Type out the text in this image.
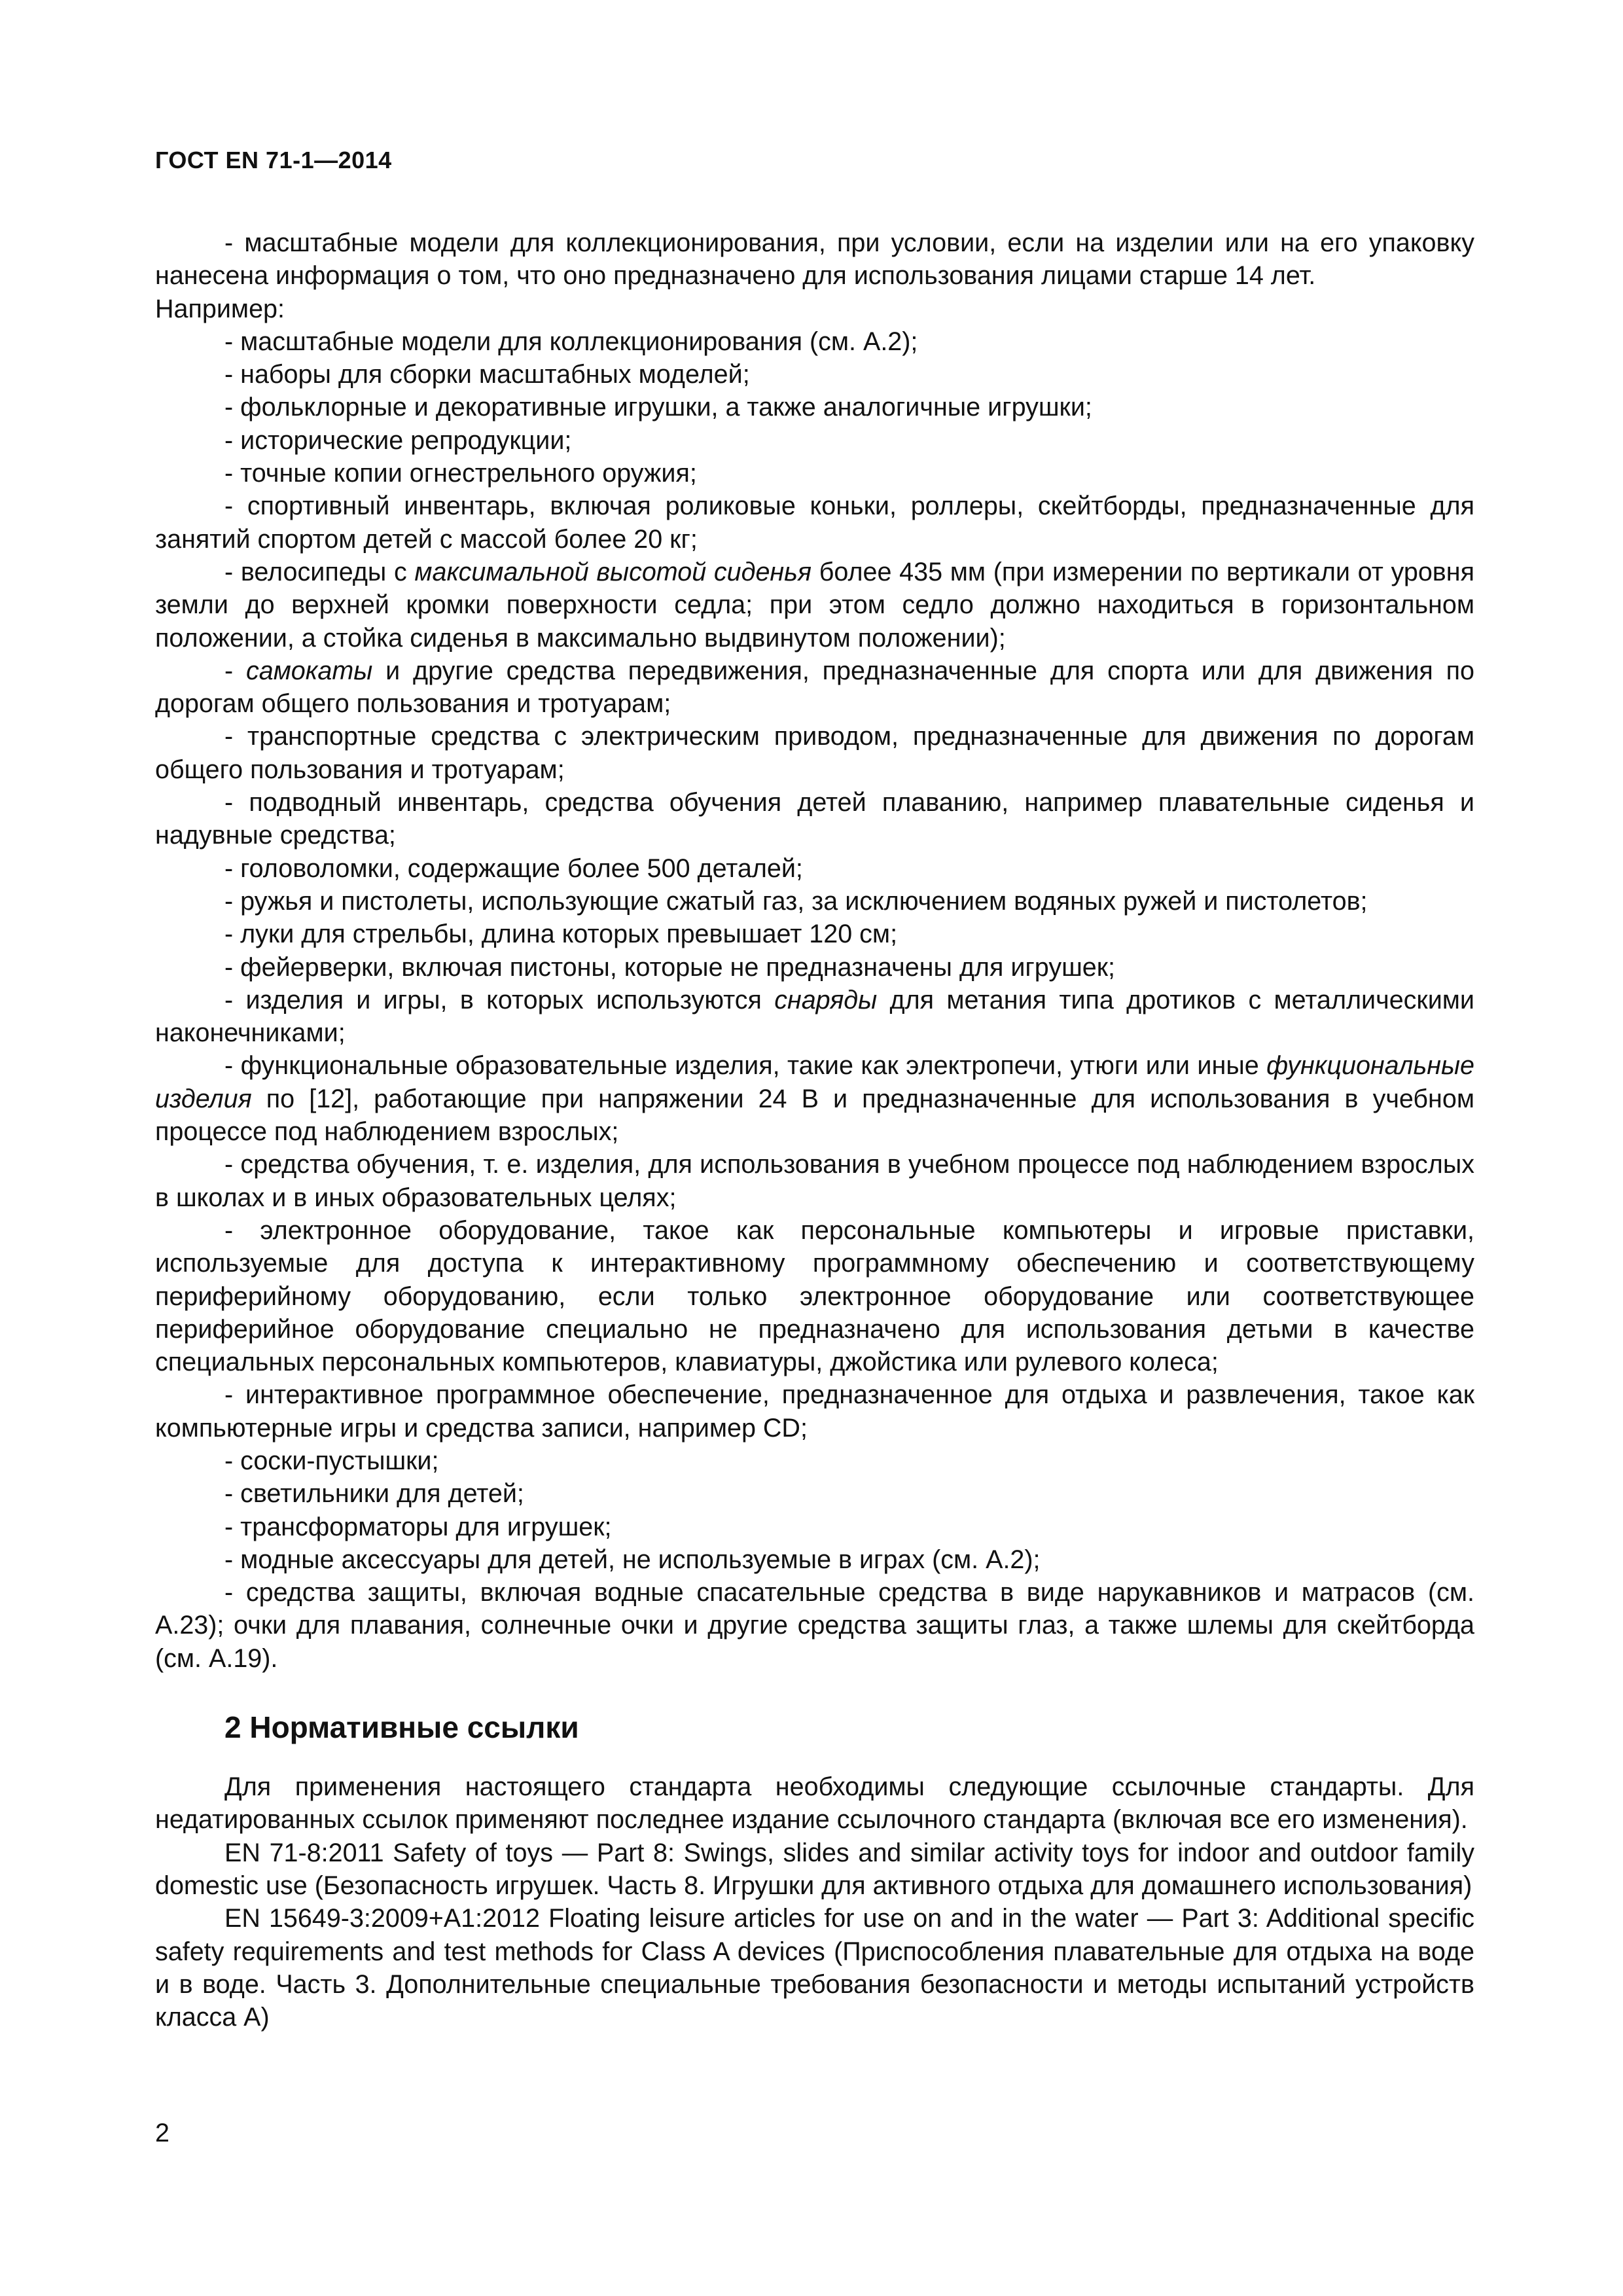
ГОСТ EN 71-1—2014

- масштабные модели для коллекционирования, при условии, если на изделии или на его упаковку нанесена информация о том, что оно предназначено для использования лицами старше 14 лет.

Например:

- масштабные модели для коллекционирования (см. А.2);

- наборы для сборки масштабных моделей;

- фольклорные и декоративные игрушки, а также аналогичные игрушки;

- исторические репродукции;

- точные копии огнестрельного оружия;

- спортивный инвентарь, включая роликовые коньки, роллеры, скейтборды, предназначенные для занятий спортом детей с массой более 20 кг;

- велосипеды с максимальной высотой сиденья более 435 мм (при измерении по вертикали от уровня земли до верхней кромки поверхности седла; при этом седло должно находиться в горизонтальном положении, а стойка сиденья в максимально выдвинутом положении);

- самокаты и другие средства передвижения, предназначенные для спорта или для движения по дорогам общего пользования и тротуарам;

- транспортные средства с электрическим приводом, предназначенные для движения по дорогам общего пользования и тротуарам;

- подводный инвентарь, средства обучения детей плаванию, например плавательные сиденья и надувные средства;

- головоломки, содержащие более 500 деталей;

- ружья и пистолеты, использующие сжатый газ, за исключением водяных ружей и пистолетов;

- луки для стрельбы, длина которых превышает 120 см;

- фейерверки, включая пистоны, которые не предназначены для игрушек;

- изделия и игры, в которых используются снаряды для метания типа дротиков с металлическими наконечниками;

- функциональные образовательные изделия, такие как электропечи, утюги или иные функциональные изделия по [12], работающие при напряжении 24 В и предназначенные для использования в учебном процессе под наблюдением взрослых;

- средства обучения, т. е. изделия, для использования в учебном процессе под наблюдением взрослых в школах и в иных образовательных целях;

- электронное оборудование, такое как персональные компьютеры и игровые приставки, используемые для доступа к интерактивному программному обеспечению и соответствующему периферийному оборудованию, если только электронное оборудование или соответствующее периферийное оборудование специально не предназначено для использования детьми в качестве специальных персональных компьютеров, клавиатуры, джойстика или рулевого колеса;

- интерактивное программное обеспечение, предназначенное для отдыха и развлечения, такое как компьютерные игры и средства записи, например CD;

- соски-пустышки;

- светильники для детей;

- трансформаторы для игрушек;

- модные аксессуары для детей, не используемые в играх (см. А.2);

- средства защиты, включая водные спасательные средства в виде нарукавников и матрасов (см. А.23); очки для плавания, солнечные очки и другие средства защиты глаз, а также шлемы для скейтборда (см. А.19).

2 Нормативные ссылки

Для применения настоящего стандарта необходимы следующие ссылочные стандарты. Для недатированных ссылок применяют последнее издание ссылочного стандарта (включая все его изменения).

EN 71-8:2011 Safety of toys — Part 8: Swings, slides and similar activity toys for indoor and outdoor family domestic use (Безопасность игрушек. Часть 8. Игрушки для активного отдыха для домашнего использования)

EN 15649-3:2009+A1:2012 Floating leisure articles for use on and in the water — Part 3: Additional specific safety requirements and test methods for Class A devices (Приспособления плавательные для отдыха на воде и в воде. Часть 3. Дополнительные специальные требования безопасности и методы испытаний устройств класса А)

2
